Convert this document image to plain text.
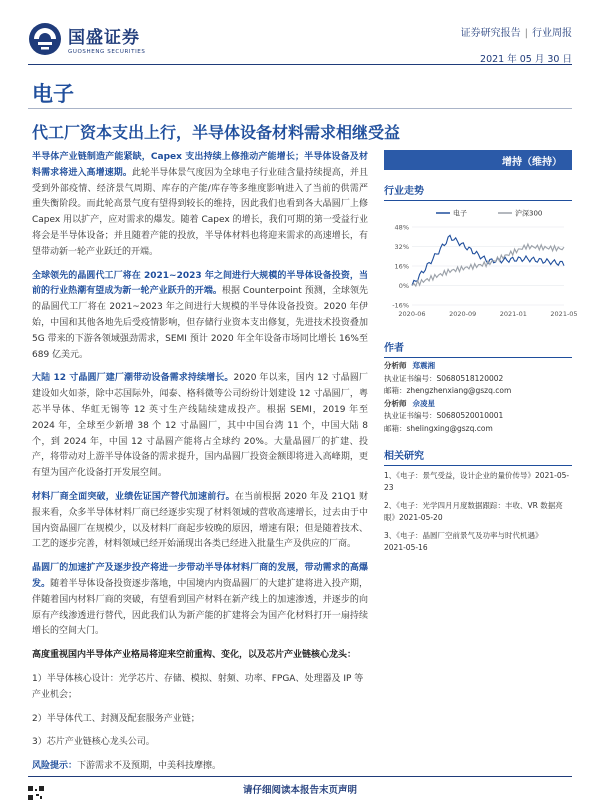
国盛证券
GUOSHENG SECURITIES
证券研究报告 | 行业周报
2021 年 05 月 30 日
电子
代工厂资本支出上行，半导体设备材料需求相继受益
半导体产业链制造产能紧缺，Capex 支出持续上修推动产能增长；半导体设备及材料需求将进入高增速期。此轮半导体景气度因为全球电子行业硅含量持续提高，并且受到外部疫情、经济景气周期、库存的产能/库存等多维度影响进入了当前的供需严重失衡阶段。而此轮高景气度有望得到较长的维持，因此我们也看到各大晶圆厂上修 Capex 用以扩产，应对需求的爆发。随着 Capex 的增长，我们可期的第一受益行业将会是半导体设备；并且随着产能的投放，半导体材料也将迎来需求的高速增长，有望带动新一轮产业跃迁的开端。
全球领先的晶圆代工厂将在 2021~2023 年之间进行大规模的半导体设备投资，当前的行业热潮有望成为新一轮产业跃升的开端。根据 Counterpoint 预测，全球领先的晶圆代工厂将在 2021~2023 年之间进行大规模的半导体设备投资。2020 年伊始，中国和其他各地先后受疫情影响，但存储行业资本支出修复，先进技术投资叠加 5G 带来的下游各领域强劲需求，SEMI 预计 2020 年全年设备市场同比增长 16%至 689 亿美元。
大陆 12 寸晶圆厂建厂潮带动设备需求持续增长。2020 年以来，国内 12 寸晶圆厂建设如火如荼，除中芯国际外，闻泰、格科微等公司纷纷计划建设 12 寸晶圆厂，粤芯半导体、华虹无锡等 12 英寸生产线陆续建成投产。根据 SEMI，2019 年至 2024 年，全球至少新增 38 个 12 寸晶圆厂，其中中国台湾 11 个，中国大陆 8 个，到 2024 年，中国 12 寸晶圆产能将占全球约 20%。大量晶圆厂的扩建、投产，将带动对上游半导体设备的需求提升，国内晶圆厂投资金额即将进入高峰期，更有望为国产化设备打开发展空间。
材料厂商全面突破，业绩佐证国产替代加速前行。在当前根据 2020 年及 21Q1 财报来看，众多半导体材料厂商已经逐步实现了材料领域的营收高速增长，过去由于中国内资晶圆厂在规模少，以及材料厂商起步较晚的原因，增速有限；但是随着技术、工艺的逐步完善，材料领域已经开始涌现出各类已经进入批量生产及供应的厂商。
晶圆厂的加速扩产及逐步投产将进一步带动半导体材料厂商的发展，带动需求的高爆发。随着半导体设备投资逐步落地，中国境内内资晶圆厂的大建扩建将进入投产期，伴随着国内材料厂商的突破，有望看到国产材料在新产线上的加速渗透，并逐步的向原有产线渗透进行替代，因此我们认为新产能的扩建将会为国产化材料打开一扇持续增长的空间大门。
高度重视国内半导体产业格局将迎来空前重构、变化，以及芯片产业链核心龙头：
1）半导体核心设计：光学芯片、存储、模拟、射频、功率、FPGA、处理器及 IP 等产业机会；
2）半导体代工、封测及配套服务产业链；
3）芯片产业链核心龙头公司。
风险提示：下游需求不及预期，中美科技摩擦。
增持（维持）
行业走势
-16%
0%
16%
32%
48%
2020-06	2020-09	2021-01	2021-05
电子	沪深300
作者
分析师 郑震湘
执业证书编号：S0680518120002
邮箱：zhengzhenxiang@gszq.com
分析师 佘凌星
执业证书编号：S0680520010001
邮箱：shelingxing@gszq.com
相关研究
1、《电子：景气受益，设计企业的量价传导》2021-05-23
2、《电子：光学四月月度数据跟踪：丰收、VR 数据亮眼》2021-05-20
3、《电子：晶圆厂空前景气及功率与时代机遇》
2021-05-16
请仔细阅读本报告末页声明
